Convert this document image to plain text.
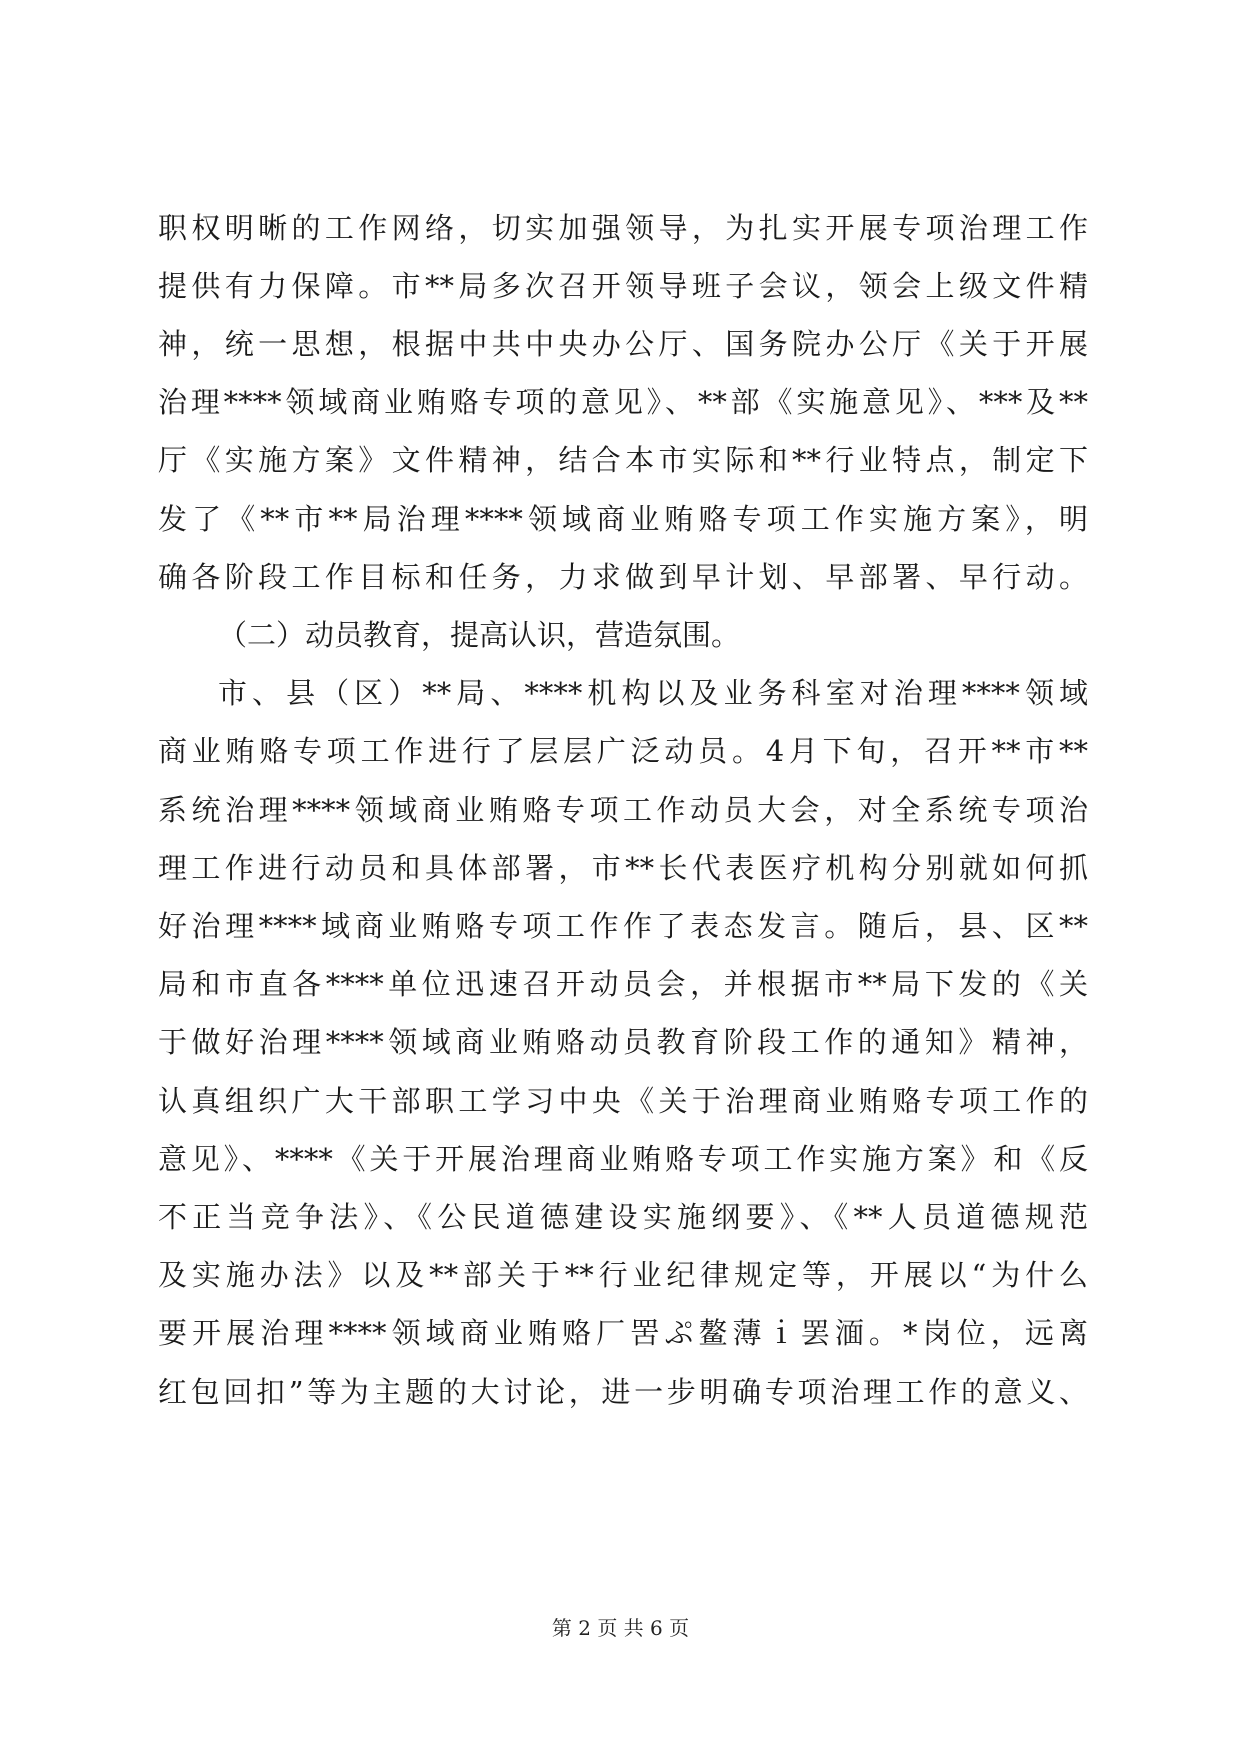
职权明晰的工作网络，切实加强领导，为扎实开展专项治理工作
提供有力保障。市**局多次召开领导班子会议，领会上级文件精
神，统一思想，根据中共中央办公厅、国务院办公厅《关于开展
治理****领域商业贿赂专项的意见》、**部《实施意见》、***及**
厅《实施方案》文件精神，结合本市实际和**行业特点，制定下
发了《**市**局治理****领域商业贿赂专项工作实施方案》，明
确各阶段工作目标和任务，力求做到早计划、早部署、早行动。
（二）动员教育，提高认识，营造氛围。
市、县（区）**局、****机构以及业务科室对治理****领域
商业贿赂专项工作进行了层层广泛动员。4月下旬，召开**市**
系统治理****领域商业贿赂专项工作动员大会，对全系统专项治
理工作进行动员和具体部署，市**长代表医疗机构分别就如何抓
好治理****域商业贿赂专项工作作了表态发言。随后，县、区**
局和市直各****单位迅速召开动员会，并根据市**局下发的《关
于做好治理****领域商业贿赂动员教育阶段工作的通知》精神，
认真组织广大干部职工学习中央《关于治理商业贿赂专项工作的
意见》、****《关于开展治理商业贿赂专项工作实施方案》和《反
不正当竞争法》、《公民道德建设实施纲要》、《**人员道德规范
及实施办法》以及**部关于**行业纪律规定等，开展以“为什么
要开展治理****领域商业贿赂厂罟ぷ鳌薄ｉ罢湎。*岗位，远离
红包回扣”等为主题的大讨论，进一步明确专项治理工作的意义、
第 2 页 共 6 页
